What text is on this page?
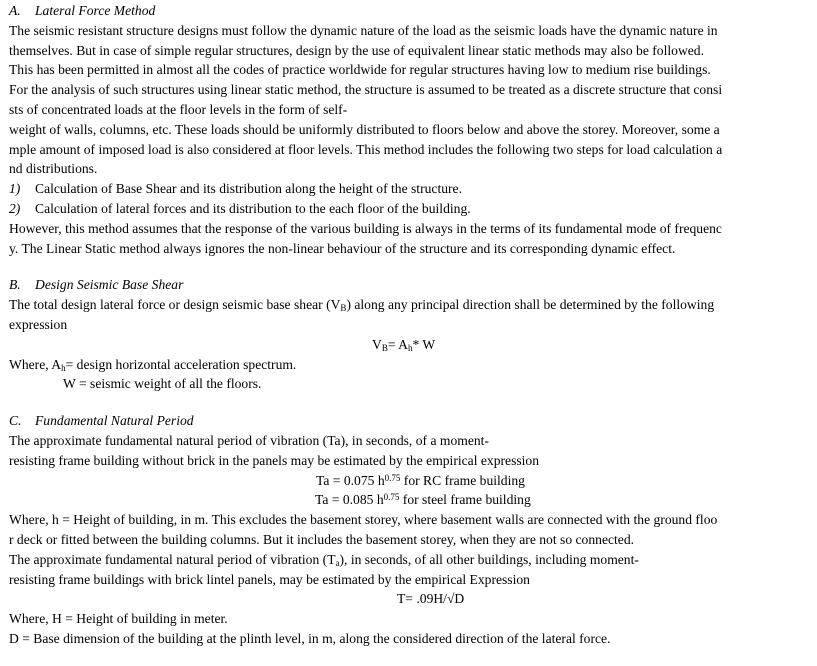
A. Lateral Force Method
The seismic resistant structure designs must follow the dynamic nature of the load as the seismic loads have the dynamic nature in
themselves. But in case of simple regular structures, design by the use of equivalent linear static methods may also be followed.
This has been permitted in almost all the codes of practice worldwide for regular structures having low to medium rise buildings.
For the analysis of such structures using linear static method, the structure is assumed to be treated as a discrete structure that consi
sts of concentrated loads at the floor levels in the form of self-
weight of walls, columns, etc. These loads should be uniformly distributed to floors below and above the storey. Moreover, some a
mple amount of imposed load is also considered at floor levels. This method includes the following two steps for load calculation a
nd distributions.
1) Calculation of Base Shear and its distribution along the height of the structure.
2) Calculation of lateral forces and its distribution to the each floor of the building.
However, this method assumes that the response of the various building is always in the terms of its fundamental mode of frequenc
y. The Linear Static method always ignores the non-linear behaviour of the structure and its corresponding dynamic effect.
B. Design Seismic Base Shear
The total design lateral force or design seismic base shear $(V_B)$ along any principal direction shall be determined by the following
expression
$V_B= A_h*$ W
Where, $A_h=$ design horizontal acceleration spectrum.
W = seismic weight of all the floors.
C. Fundamental Natural Period
The approximate fundamental natural period of vibration (Ta), in seconds, of a moment-
resisting frame building without brick in the panels may be estimated by the empirical expression
Ta = 0.075 $h^{0.75}$ for RC frame building
Ta = 0.085 $h^{0.75}$ for steel frame building
Where, h = Height of building, in m. This excludes the basement storey, where basement walls are connected with the ground floo
r deck or fitted between the building columns. But it includes the basement storey, when they are not so connected.
The approximate fundamental natural period of vibration $(T_a)$, in seconds, of all other buildings, including moment-
resisting frame buildings with brick lintel panels, may be estimated by the empirical Expression
T= .09H/√D
Where, H = Height of building in meter.
D = Base dimension of the building at the plinth level, in m, along the considered direction of the lateral force.
